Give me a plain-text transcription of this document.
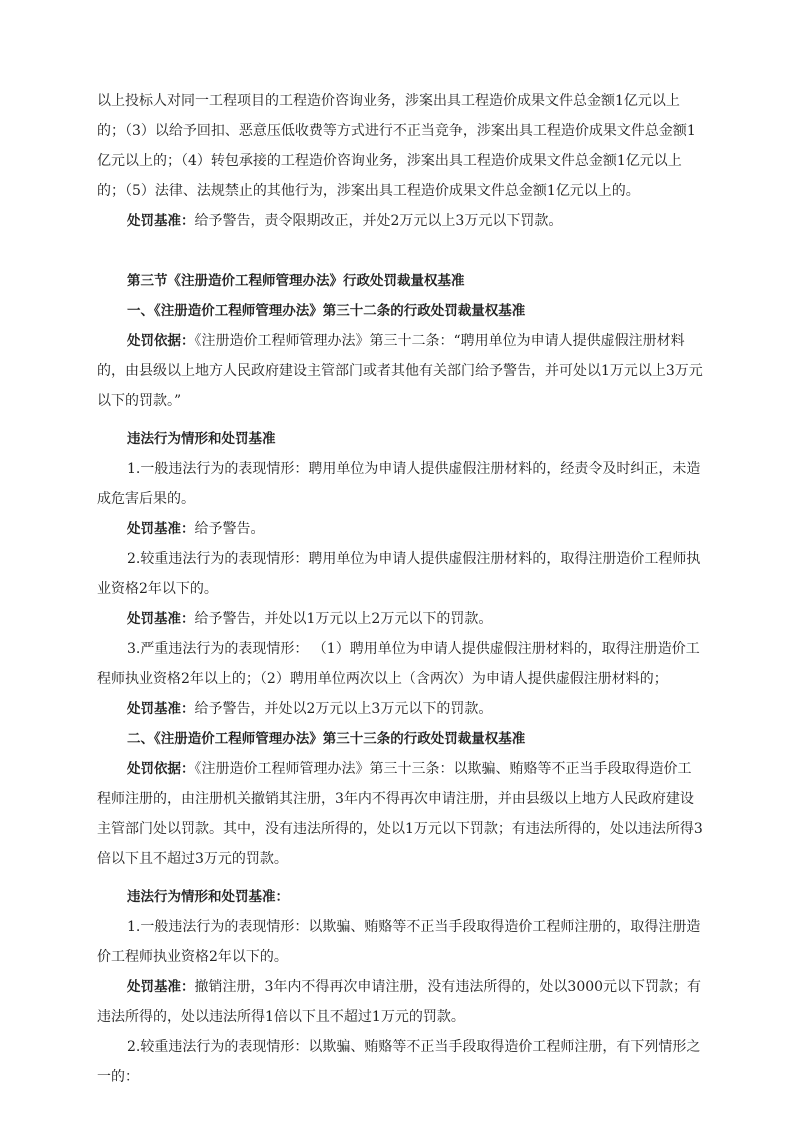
以上投标人对同一工程项目的工程造价咨询业务，涉案出具工程造价成果文件总金额1亿元以上的；（3）以给予回扣、恶意压低收费等方式进行不正当竞争，涉案出具工程造价成果文件总金额1亿元以上的；（4）转包承接的工程造价咨询业务，涉案出具工程造价成果文件总金额1亿元以上的；（5）法律、法规禁止的其他行为，涉案出具工程造价成果文件总金额1亿元以上的。

处罚基准：给予警告，责令限期改正，并处2万元以上3万元以下罚款。

第三节《注册造价工程师管理办法》行政处罚裁量权基准

一、《注册造价工程师管理办法》第三十二条的行政处罚裁量权基准

处罚依据：《注册造价工程师管理办法》第三十二条：“聘用单位为申请人提供虚假注册材料的，由县级以上地方人民政府建设主管部门或者其他有关部门给予警告，并可处以1万元以上3万元以下的罚款。”

违法行为情形和处罚基准

1.一般违法行为的表现情形：聘用单位为申请人提供虚假注册材料的，经责令及时纠正，未造成危害后果的。

处罚基准：给予警告。

2.较重违法行为的表现情形：聘用单位为申请人提供虚假注册材料的，取得注册造价工程师执业资格2年以下的。

处罚基准：给予警告，并处以1万元以上2万元以下的罚款。

3.严重违法行为的表现情形： （1）聘用单位为申请人提供虚假注册材料的，取得注册造价工程师执业资格2年以上的；（2）聘用单位两次以上（含两次）为申请人提供虚假注册材料的；

处罚基准：给予警告，并处以2万元以上3万元以下的罚款。

二、《注册造价工程师管理办法》第三十三条的行政处罚裁量权基准

处罚依据：《注册造价工程师管理办法》第三十三条：以欺骗、贿赂等不正当手段取得造价工程师注册的，由注册机关撤销其注册，3年内不得再次申请注册，并由县级以上地方人民政府建设主管部门处以罚款。其中，没有违法所得的，处以1万元以下罚款；有违法所得的，处以违法所得3倍以下且不超过3万元的罚款。

违法行为情形和处罚基准：

1.一般违法行为的表现情形：以欺骗、贿赂等不正当手段取得造价工程师注册的，取得注册造价工程师执业资格2年以下的。

处罚基准：撤销注册，3年内不得再次申请注册，没有违法所得的，处以3000元以下罚款；有违法所得的，处以违法所得1倍以下且不超过1万元的罚款。

2.较重违法行为的表现情形：以欺骗、贿赂等不正当手段取得造价工程师注册，有下列情形之一的：
